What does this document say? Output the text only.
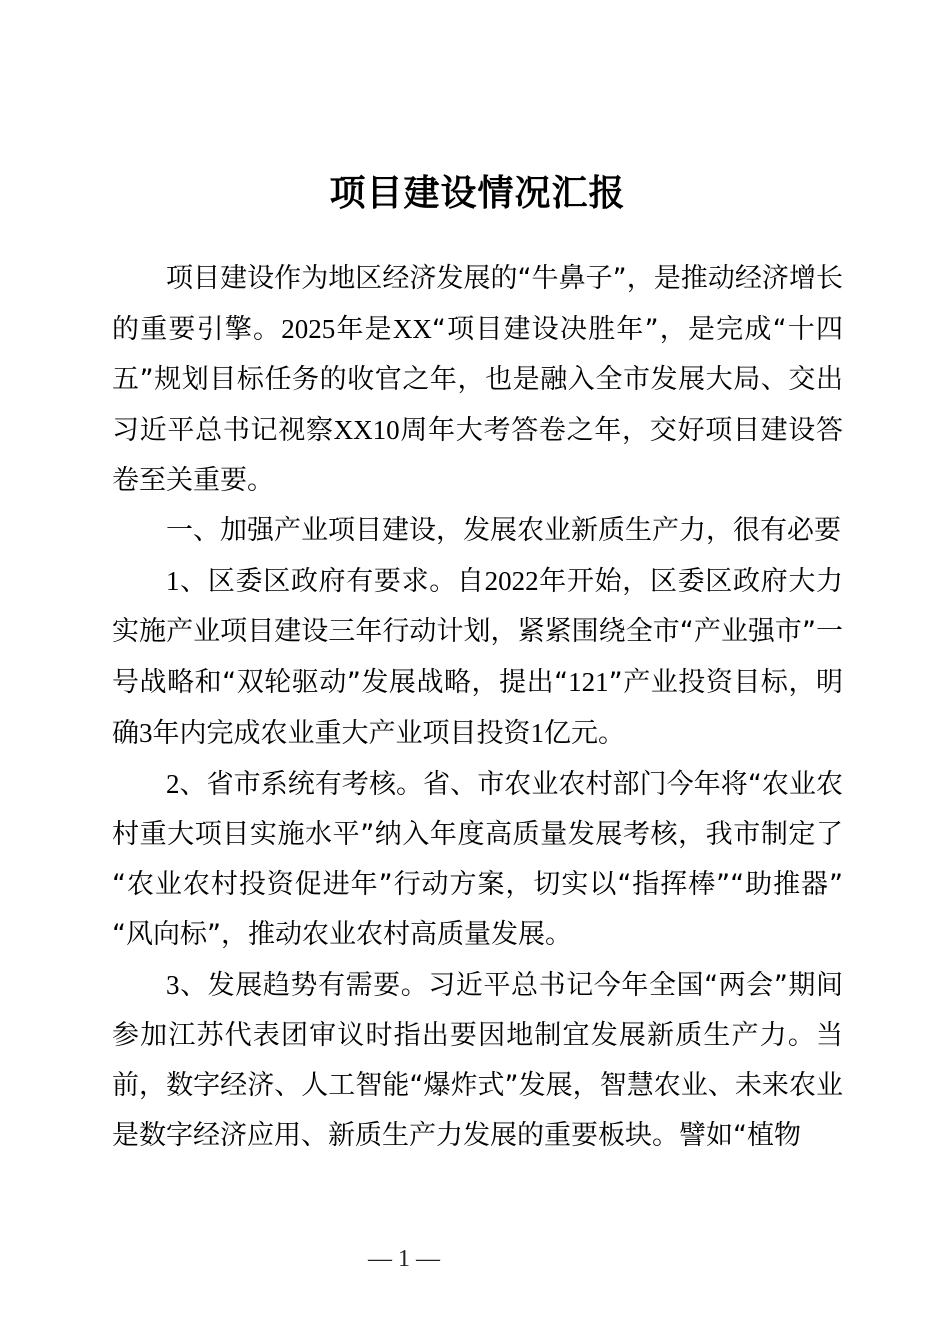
项目建设情况汇报

项目建设作为地区经济发展的“牛鼻子”，是推动经济增长的重要引擎。2025年是XX“项目建设决胜年”，是完成“十四五”规划目标任务的收官之年，也是融入全市发展大局、交出习近平总书记视察XX10周年大考答卷之年，交好项目建设答卷至关重要。

一、加强产业项目建设，发展农业新质生产力，很有必要

1、区委区政府有要求。自2022年开始，区委区政府大力实施产业项目建设三年行动计划，紧紧围绕全市“产业强市”一号战略和“双轮驱动”发展战略，提出“121”产业投资目标，明确3年内完成农业重大产业项目投资1亿元。

2、省市系统有考核。省、市农业农村部门今年将“农业农村重大项目实施水平”纳入年度高质量发展考核，我市制定了“农业农村投资促进年”行动方案，切实以“指挥棒”“助推器”“风向标”，推动农业农村高质量发展。

3、发展趋势有需要。习近平总书记今年全国“两会”期间参加江苏代表团审议时指出要因地制宜发展新质生产力。当前，数字经济、人工智能“爆炸式”发展，智慧农业、未来农业是数字经济应用、新质生产力发展的重要板块。譬如“植物

— 1 —
